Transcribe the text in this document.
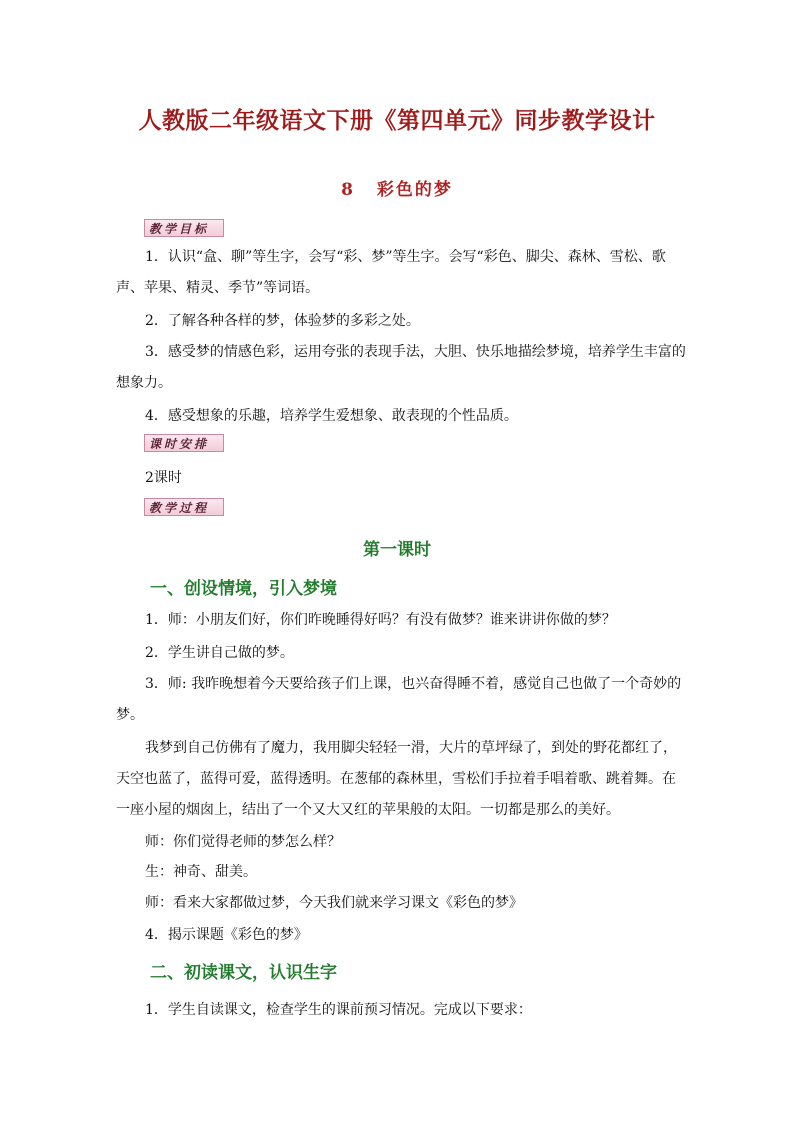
人教版二年级语文下册《第四单元》同步教学设计
8 彩色的梦
教学目标
1．认识“盒、聊”等生字，会写“彩、梦”等生字。会写“彩色、脚尖、森林、雪松、歌声、苹果、精灵、季节”等词语。
2．了解各种各样的梦，体验梦的多彩之处。
3．感受梦的情感色彩，运用夸张的表现手法，大胆、快乐地描绘梦境，培养学生丰富的想象力。
4．感受想象的乐趣，培养学生爱想象、敢表现的个性品质。
课时安排
2课时
教学过程
第一课时
一、创设情境，引入梦境
1．师：小朋友们好，你们昨晚睡得好吗？有没有做梦？谁来讲讲你做的梦？
2．学生讲自己做的梦。
3．师: 我昨晚想着今天要给孩子们上课，也兴奋得睡不着，感觉自己也做了一个奇妙的梦。
我梦到自己仿佛有了魔力，我用脚尖轻轻一滑，大片的草坪绿了，到处的野花都红了，天空也蓝了，蓝得可爱，蓝得透明。在葱郁的森林里，雪松们手拉着手唱着歌、跳着舞。在一座小屋的烟囱上，结出了一个又大又红的苹果般的太阳。一切都是那么的美好。
师：你们觉得老师的梦怎么样？
生：神奇、甜美。
师：看来大家都做过梦，今天我们就来学习课文《彩色的梦》
4．揭示课题《彩色的梦》
二、初读课文，认识生字
1．学生自读课文，检查学生的课前预习情况。完成以下要求：
